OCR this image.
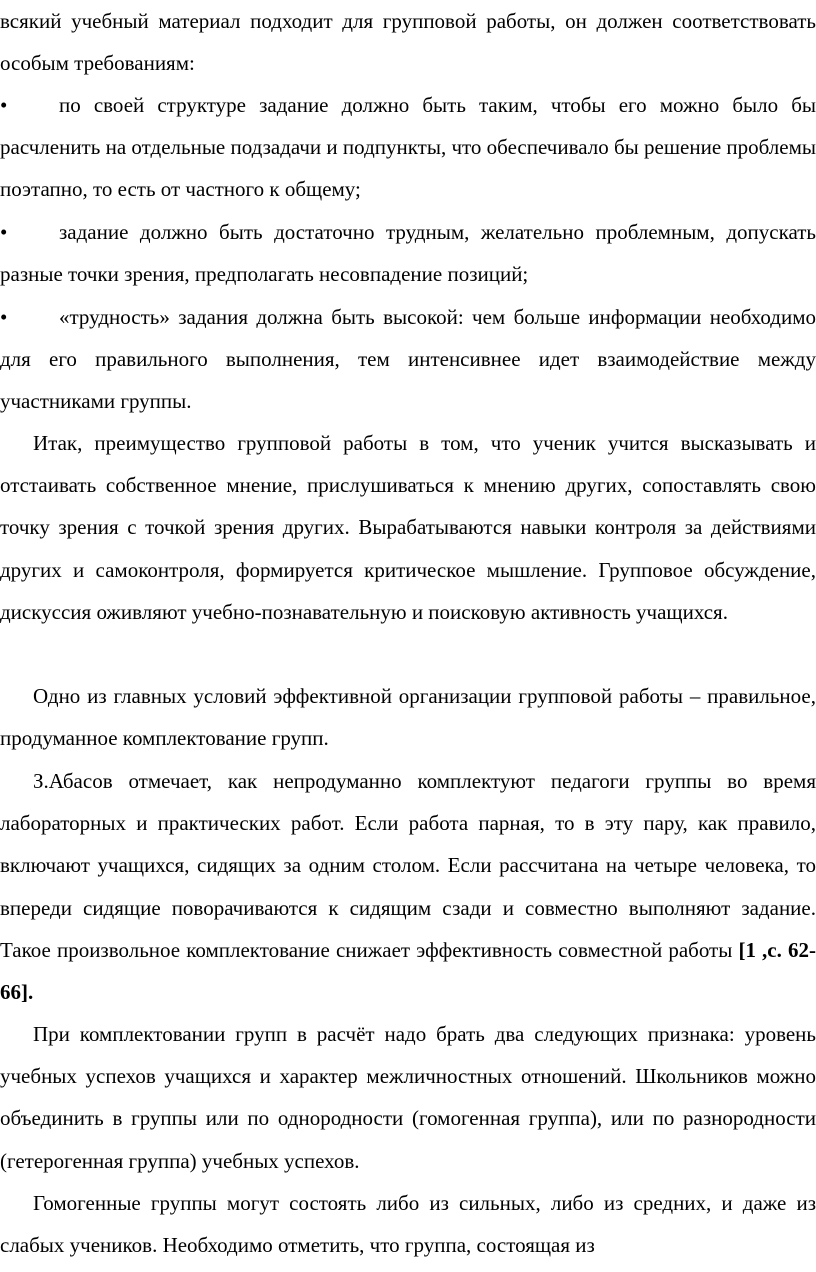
всякий учебный материал подходит для групповой работы, он должен соответствовать особым требованиям:

• по своей структуре задание должно быть таким, чтобы его можно было бы расчленить на отдельные подзадачи и подпункты, что обеспечивало бы решение проблемы поэтапно, то есть от частного к общему;

• задание должно быть достаточно трудным, желательно проблемным, допускать разные точки зрения, предполагать несовпадение позиций;

• «трудность» задания должна быть высокой: чем больше информации необходимо для его правильного выполнения, тем интенсивнее идет взаимодействие между участниками группы.

Итак, преимущество групповой работы в том, что ученик учится высказывать и отстаивать собственное мнение, прислушиваться к мнению других, сопоставлять свою точку зрения с точкой зрения других. Вырабатываются навыки контроля за действиями других и самоконтроля, формируется критическое мышление. Групповое обсуждение, дискуссия оживляют учебно-познавательную и поисковую активность учащихся.

Одно из главных условий эффективной организации групповой работы – правильное, продуманное комплектование групп.

З.Абасов отмечает, как непродуманно комплектуют педагоги группы во время лабораторных и практических работ. Если работа парная, то в эту пару, как правило, включают учащихся, сидящих за одним столом. Если рассчитана на четыре человека, то впереди сидящие поворачиваются к сидящим сзади и совместно выполняют задание. Такое произвольное комплектование снижает эффективность совместной работы [1 ,с. 62-66].

При комплектовании групп в расчёт надо брать два следующих признака: уровень учебных успехов учащихся и характер межличностных отношений. Школьников можно объединить в группы или по однородности (гомогенная группа), или по разнородности (гетерогенная группа) учебных успехов.

Гомогенные группы могут состоять либо из сильных, либо из средних, и даже из слабых учеников. Необходимо отметить, что группа, состоящая из
